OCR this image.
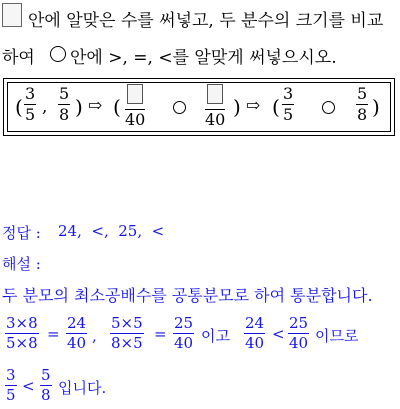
안에 알맞은 수를 써넣고, 두 분수의 크기를 비교
하여 안에 >, =, <를 알맞게 써넣으시오.
(
3
5 ,
5
8 ) ⇨ (
40	40
) ⇨ (
3
5
5
8 )
정답 : 24,  <,  25,  <
해설 :
두 분모의 최소공배수를 공통분모로 하여 통분합니다.
3×8
5×8 =
24
40 ,
5×5
8×5 =
25
40 이고
24
40 <
25
40 이므로
3
5 <
5
8 입니다.
